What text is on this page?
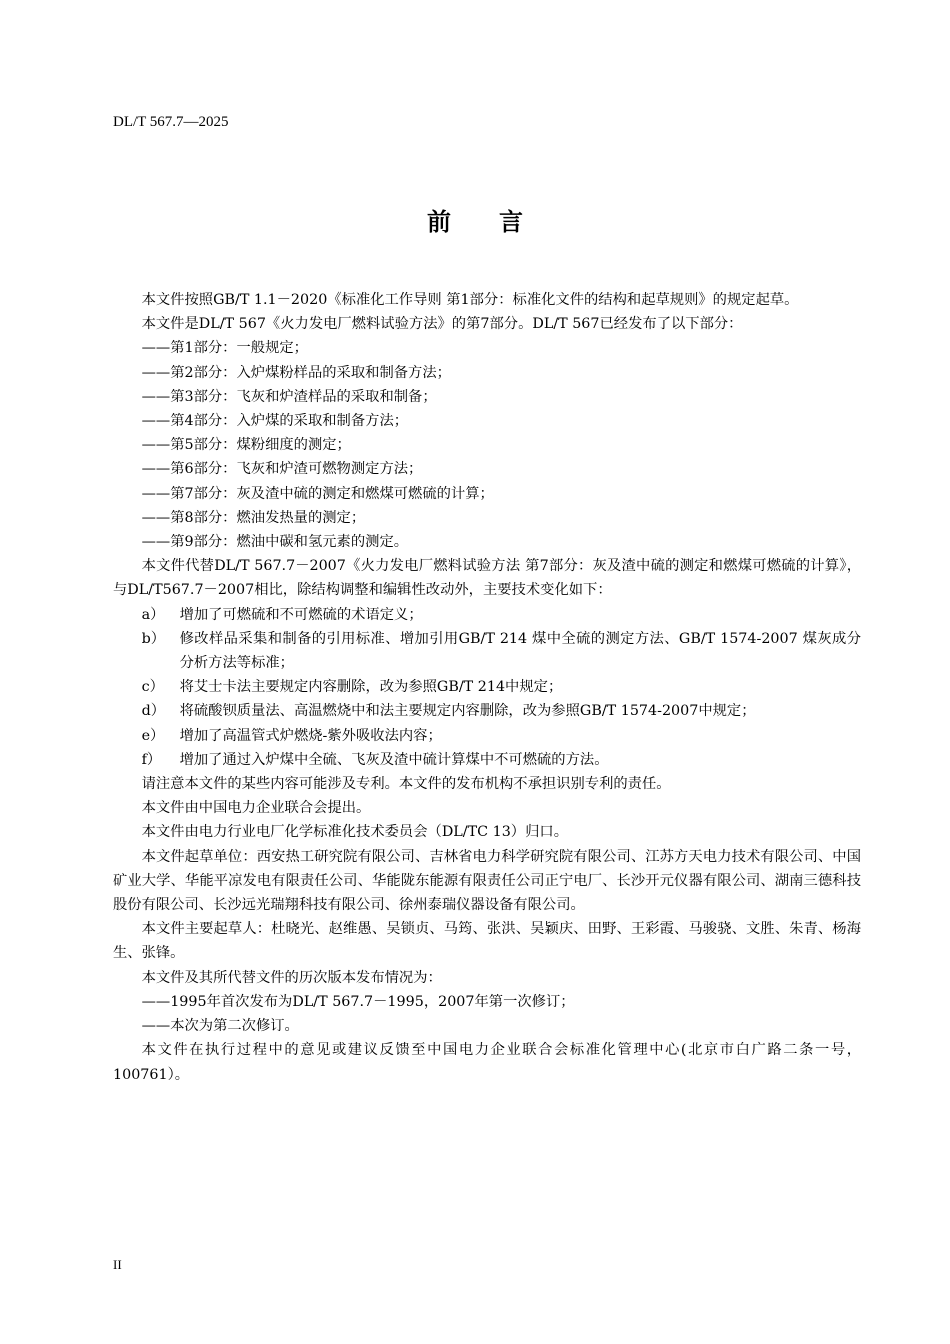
DL/T 567.7—2025
前　　言

本文件按照GB/T 1.1－2020《标准化工作导则 第1部分：标准化文件的结构和起草规则》的规定起草。

本文件是DL/T 567《火力发电厂燃料试验方法》的第7部分。DL/T 567已经发布了以下部分：

——第1部分：一般规定；

——第2部分：入炉煤粉样品的采取和制备方法；

——第3部分：飞灰和炉渣样品的采取和制备；

——第4部分：入炉煤的采取和制备方法；

——第5部分：煤粉细度的测定；

——第6部分：飞灰和炉渣可燃物测定方法；

——第7部分：灰及渣中硫的测定和燃煤可燃硫的计算；

——第8部分：燃油发热量的测定；

——第9部分：燃油中碳和氢元素的测定。

本文件代替DL/T 567.7－2007《火力发电厂燃料试验方法 第7部分：灰及渣中硫的测定和燃煤可燃硫的计算》，与DL/T567.7－2007相比，除结构调整和编辑性改动外，主要技术变化如下：

a）	增加了可燃硫和不可燃硫的术语定义；
b）	修改样品采集和制备的引用标准、增加引用GB/T 214 煤中全硫的测定方法、GB/T 1574-2007 煤灰成分分析方法等标准；
c）	将艾士卡法主要规定内容删除，改为参照GB/T 214中规定；
d）	将硫酸钡质量法、高温燃烧中和法主要规定内容删除，改为参照GB/T 1574-2007中规定；
e）	增加了高温管式炉燃烧-紫外吸收法内容；
f）	增加了通过入炉煤中全硫、飞灰及渣中硫计算煤中不可燃硫的方法。

请注意本文件的某些内容可能涉及专利。本文件的发布机构不承担识别专利的责任。

本文件由中国电力企业联合会提出。

本文件由电力行业电厂化学标准化技术委员会（DL/TC 13）归口。

本文件起草单位：西安热工研究院有限公司、吉林省电力科学研究院有限公司、江苏方天电力技术有限公司、中国矿业大学、华能平凉发电有限责任公司、华能陇东能源有限责任公司正宁电厂、长沙开元仪器有限公司、湖南三德科技股份有限公司、长沙远光瑞翔科技有限公司、徐州泰瑞仪器设备有限公司。

本文件主要起草人：杜晓光、赵维愚、吴锁贞、马筠、张洪、吴颖庆、田野、王彩霞、马骏骁、文胜、朱青、杨海生、张锋。

本文件及其所代替文件的历次版本发布情况为：

——1995年首次发布为DL/T 567.7－1995，2007年第一次修订；

——本次为第二次修订。

本文件在执行过程中的意见或建议反馈至中国电力企业联合会标准化管理中心(北京市白广路二条一号，100761）。

II
